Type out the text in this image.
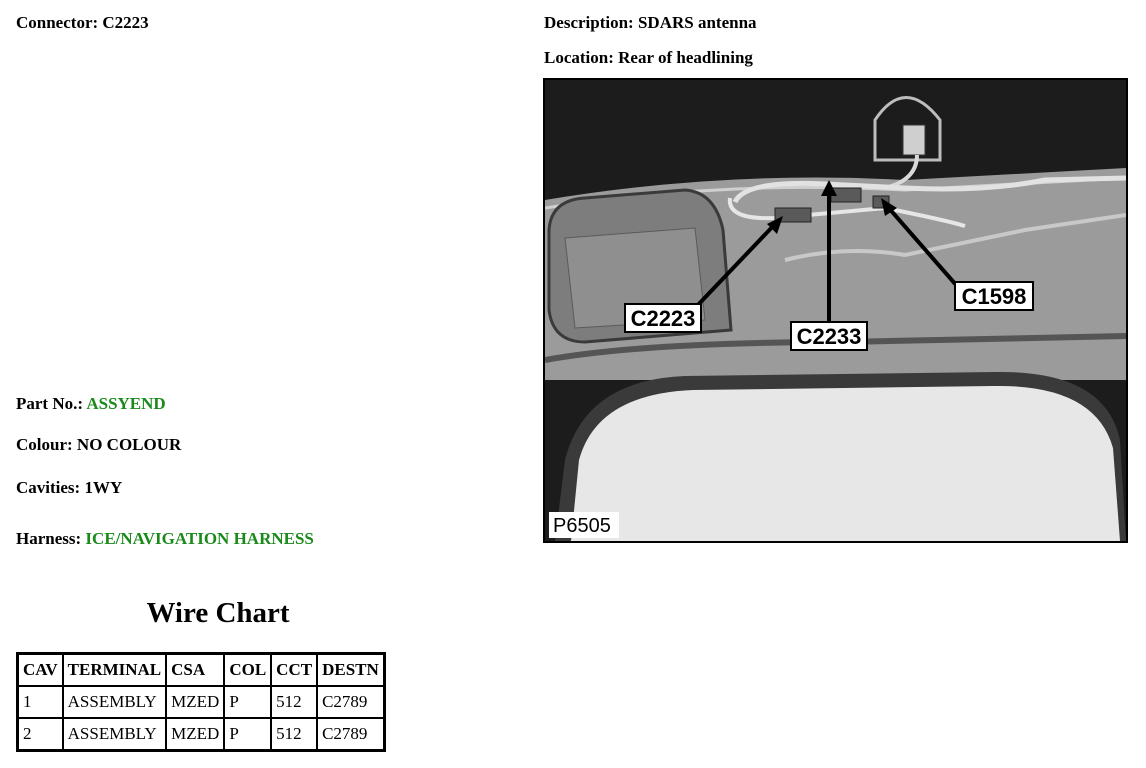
Connector: C2223	Description: SDARS antenna
Location: Rear of headlining
Part No.: ASSYEND
Colour: NO COLOUR
Cavities: 1WY
Harness: ICE/NAVIGATION HARNESS
C2223
C2233
C1598
P6505
Wire Chart
CAV	TERMINAL	CSA	COL	CCT	DESTN
1	ASSEMBLY	MZED	P	512	C2789
2	ASSEMBLY	MZED	P	512	C2789
